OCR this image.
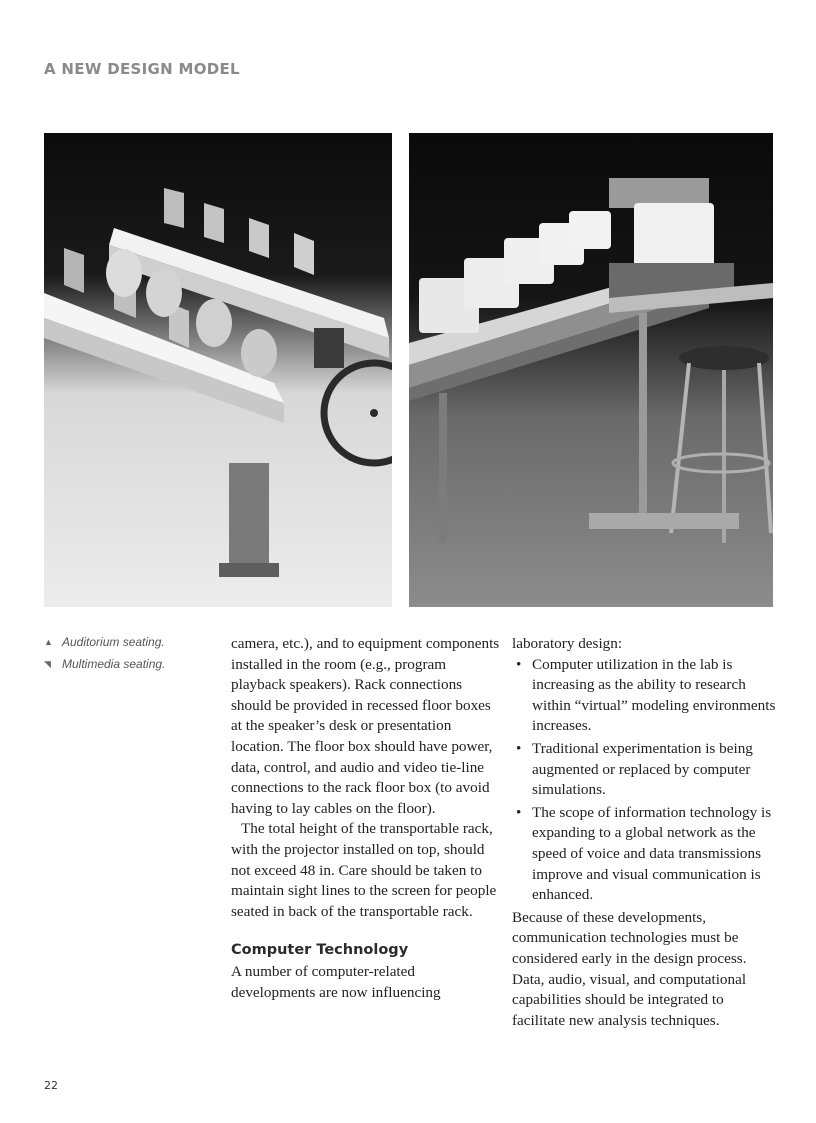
A NEW DESIGN MODEL
▲ Auditorium seating.
◥ Multimedia seating.

camera, etc.), and to equipment components installed in the room (e.g., program playback speakers). Rack connections should be provided in recessed floor boxes at the speaker’s desk or presentation location. The floor box should have power, data, control, and audio and video tie-line connections to the rack floor box (to avoid having to lay cables on the floor).

The total height of the transportable rack, with the projector installed on top, should not exceed 48 in. Care should be taken to maintain sight lines to the screen for people seated in back of the transportable rack.

Computer Technology

A number of computer-related developments are now influencing

laboratory design:

• Computer utilization in the lab is increasing as the ability to research within “virtual” modeling environments increases.
• Traditional experimentation is being augmented or replaced by computer simulations.
• The scope of information technology is expanding to a global network as the speed of voice and data transmissions improve and visual communication is enhanced.

Because of these developments, communication technologies must be considered early in the design process. Data, audio, visual, and computational capabilities should be integrated to facilitate new analysis techniques.

22
